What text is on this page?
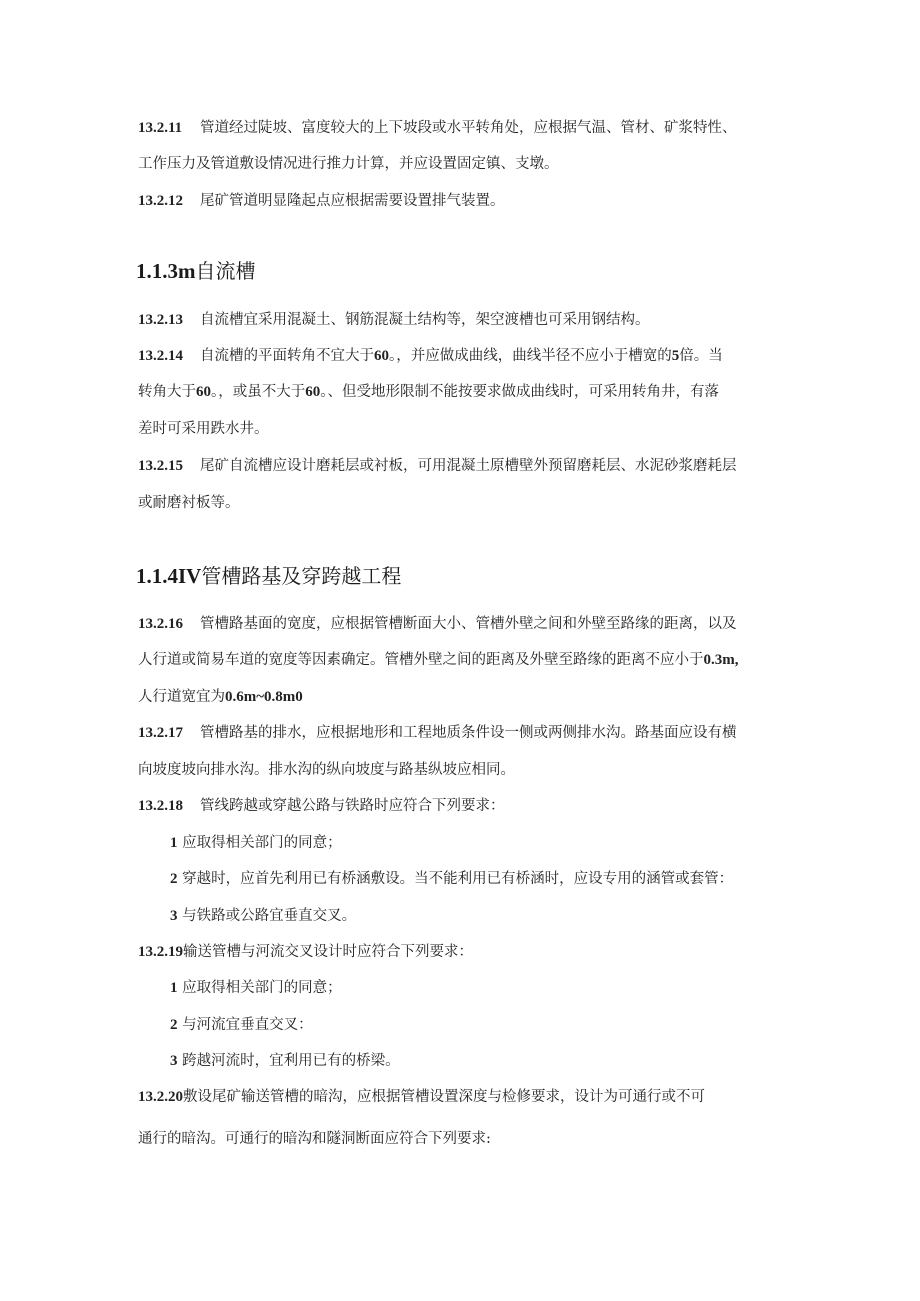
13.2.11 管道经过陡坡、富度较大的上下坡段或水平转角处，应根据气温、管材、矿浆特性、
工作压力及管道敷设情况进行推力计算，并应设置固定镇、支墩。
13.2.12 尾矿管道明显隆起点应根据需要设置排气装置。
1.1.3m自流槽
13.2.13 自流槽宜采用混凝土、钢筋混凝土结构等，架空渡槽也可采用钢结构。
13.2.14 自流槽的平面转角不宜大于60。，并应做成曲线，曲线半径不应小于槽宽的5倍。当
转角大于60。，或虽不大于60。、但受地形限制不能按要求做成曲线时，可采用转角井，有落
差时可采用跌水井。
13.2.15 尾矿自流槽应设计磨耗层或衬板，可用混凝土原槽壁外预留磨耗层、水泥砂浆磨耗层
或耐磨衬板等。
1.1.4IV管槽路基及穿跨越工程
13.2.16 管槽路基面的宽度，应根据管槽断面大小、管槽外壁之间和外壁至路缘的距离，以及
人行道或简易车道的宽度等因素确定。管槽外壁之间的距离及外壁至路缘的距离不应小于0.3m,
人行道宽宜为0.6m~0.8m0
13.2.17 管槽路基的排水，应根据地形和工程地质条件设一侧或两侧排水沟。路基面应设有横
向坡度坡向排水沟。排水沟的纵向坡度与路基纵坡应相同。
13.2.18 管线跨越或穿越公路与铁路时应符合下列要求：
1 应取得相关部门的同意；
2 穿越时，应首先利用已有桥涵敷设。当不能利用已有桥涵时，应设专用的涵管或套管：
3 与铁路或公路宜垂直交叉。
13.2.19输送管槽与河流交叉设计时应符合下列要求：
1 应取得相关部门的同意；
2 与河流宜垂直交叉：
3 跨越河流时，宜利用已有的桥梁。
13.2.20敷设尾矿输送管槽的暗沟，应根据管槽设置深度与检修要求，设计为可通行或不可
通行的暗沟。可通行的暗沟和隧洞断面应符合下列要求:
